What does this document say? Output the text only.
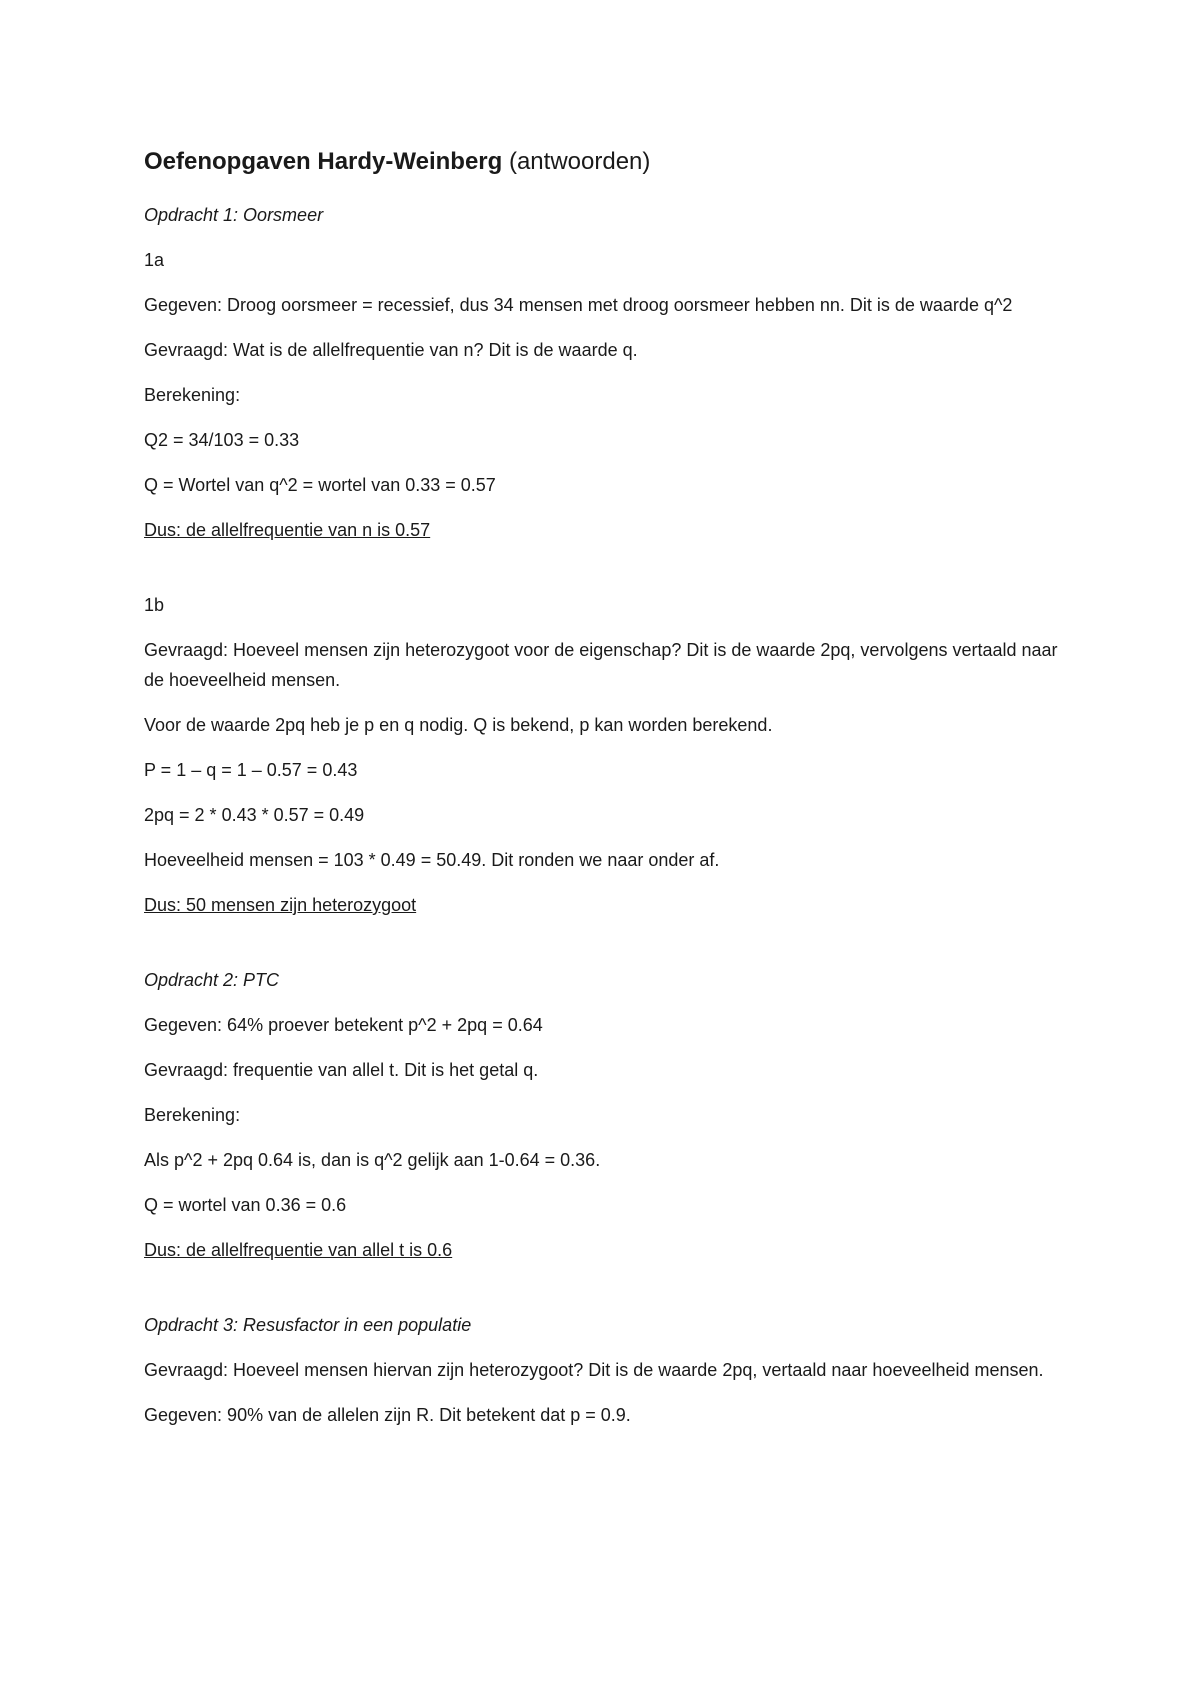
Oefenopgaven Hardy-Weinberg (antwoorden)

Opdracht 1: Oorsmeer

1a

Gegeven: Droog oorsmeer = recessief, dus 34 mensen met droog oorsmeer hebben nn. Dit is de waarde q^2

Gevraagd: Wat is de allelfrequentie van n? Dit is de waarde q.

Berekening:

Q2 = 34/103 = 0.33

Q = Wortel van q^2 = wortel van 0.33 = 0.57

Dus: de allelfrequentie van n is 0.57

1b

Gevraagd: Hoeveel mensen zijn heterozygoot voor de eigenschap? Dit is de waarde 2pq, vervolgens vertaald naar de hoeveelheid mensen.

Voor de waarde 2pq heb je p en q nodig. Q is bekend, p kan worden berekend.

P = 1 – q = 1 – 0.57 = 0.43

2pq = 2 * 0.43 * 0.57 = 0.49

Hoeveelheid mensen = 103 * 0.49 = 50.49. Dit ronden we naar onder af.

Dus: 50 mensen zijn heterozygoot

Opdracht 2: PTC

Gegeven: 64% proever betekent p^2 + 2pq = 0.64

Gevraagd: frequentie van allel t. Dit is het getal q.

Berekening:

Als p^2 + 2pq 0.64 is, dan is q^2 gelijk aan 1-0.64 = 0.36.

Q = wortel van 0.36 = 0.6

Dus: de allelfrequentie van allel t is 0.6

Opdracht 3: Resusfactor in een populatie

Gevraagd: Hoeveel mensen hiervan zijn heterozygoot? Dit is de waarde 2pq, vertaald naar hoeveelheid mensen.

Gegeven: 90% van de allelen zijn R. Dit betekent dat p = 0.9.
